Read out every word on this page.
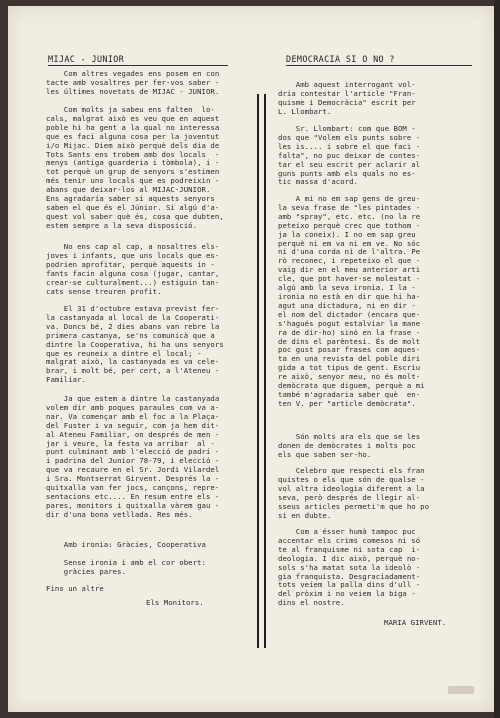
MIJAC - JUNIOR	DEMOCRACIA SI O NO ?
Com altres vegades ens posem en con
tacte amb vosaltres per fer-vos saber -
les últimes novetats de MIJAC - JUNIOR.
Com molts ja sabeu ens falten  lo-
cals, malgrat això es veu que en aquest
poble hi ha gent a la qual no interessa
que es faci alguna cosa per la joventut
i/o Mijac. Diem això perquè dels dia de
Tots Sants ens trobem amb dos locals  -
menys (antiga guarderia i tòmbola), i -
tot perquè un grup de senyors s'estimen
més tenir uns locals que es podreixin -
abans que deixar-los al MIJAC-JUNIOR.
Ens agradaria saber si aquests senyors
saben el que és el Júnior. Si algú d'a-
quest vol saber què és, cosa que dubten,
estem sempre a la seva disposició.
No ens cap al cap, a nosaltres els-
joves i infants, que uns locals que es-
podrien aprofitar, perquè aquests in -
fants facin alguna cosa (jugar, cantar,
crear-se culturalment...) estiguin tan-
cats sense treuren profit.
El 31 d'octubre estava previst fer-
la castanyada al local de la Cooperati-
va. Doncs bé, 2 dies abans van rebre la
primera castanya, se'ns comunicà que a
dintre la Cooperativa, hi ha uns senyors
que es reuneix a dintre el local; -
malgrat això, la castanyada es va cele-
brar, i molt bé, per cert, a l'Ateneu -
Familiar.
Ja que estem a dintre la castanyada
volem dir amb poques paraules com va a-
nar. Va començar amb el foc a la Plaça-
del Fuster i va seguir, com ja hem dit-
al Ateneu Familiar, on després de men -
jar i veure, la festa va arribar  al -
punt culminant amb l'elecció de padrí -
i padrina del Junior 78-79, i elecció -
que va recaure en el Sr. Jordi Vilardel
i Sra. Montserrat Girvent. Després la -
quitxalla van fer jocs, cançons, repre-
sentacions etc.... En resum entre els -
pares, monitors i quitxalla vàrem gau -
dir d'una bona vetllada. Res més.
Amb ironia: Gràcies, Cooperativa
Sense ironia i amb el cor obert:
gràcies pares.
Fins un altre
Els Monitors.
Amb aquest interrogant vol-
dria contestar l'article "Fran-
quisme i Democràcia" escrit per
L. Llombart.
Sr. Llombart: com que BOM -
dos que "Volem els punts sobre -
les is.... i sobre el que faci -
falta", no puc deixar de contes-
tar el seu escrit per aclarir al
guns punts amb els quals no es-
tic massa d'acord.
A mi no em sap gens de greu-
la seva frase de "les pintades -
amb "spray", etc. etc. (no la re
peteixo perquè crec que tothom -
ja la coneix). I no em sap greu
perquè ni em va ni em ve. No sóc
ni d'una corda ni de l'altra. Pe
rò reconec, i repeteixo el que -
vaig dir en el meu anterior arti
cle, que pot haver-se molestat -
algú amb la seva ironia. I la -
ironia no està en dir que hi ha-
agut una dictadura, ni en dir -
el nom del dictador (encara que-
s'hagués pogut estalviar la mane
ra de dir-ho) sinó en la frase -
de dins el parèntesi. És de molt
poc gust posar frases com aques-
ta en una revista del poble diri
gida a tot tipus de gent. Escriu
re això, senyor meu, no és molt-
demòcrata que diguem, perquè a mi
també m'agradaria saber què  en-
ten V. per "article demòcrata".
Són molts ara els que se les
donen de demòcrates i molts poc
els que saben ser-ho.
Celebro que respecti els fran
quistes o els que són de qualse -
vol altra ideologia diferent a la
seva, però després de llegir al-
sseus articles permeti'm que ho po
si en dubte.
Com a ésser humà tampoc puc
accentar els crims comesos ni só
te al franquisme ni sota cap  i-
deologia. I dic això, perquè no-
sols s'ha matat sota la ideolò -
gia franquista. Desgraciadament-
tots veiem la palla dins d'ull -
del pròxim i no veiem la biga -
dins el nostre.
MARIA GIRVENT.
